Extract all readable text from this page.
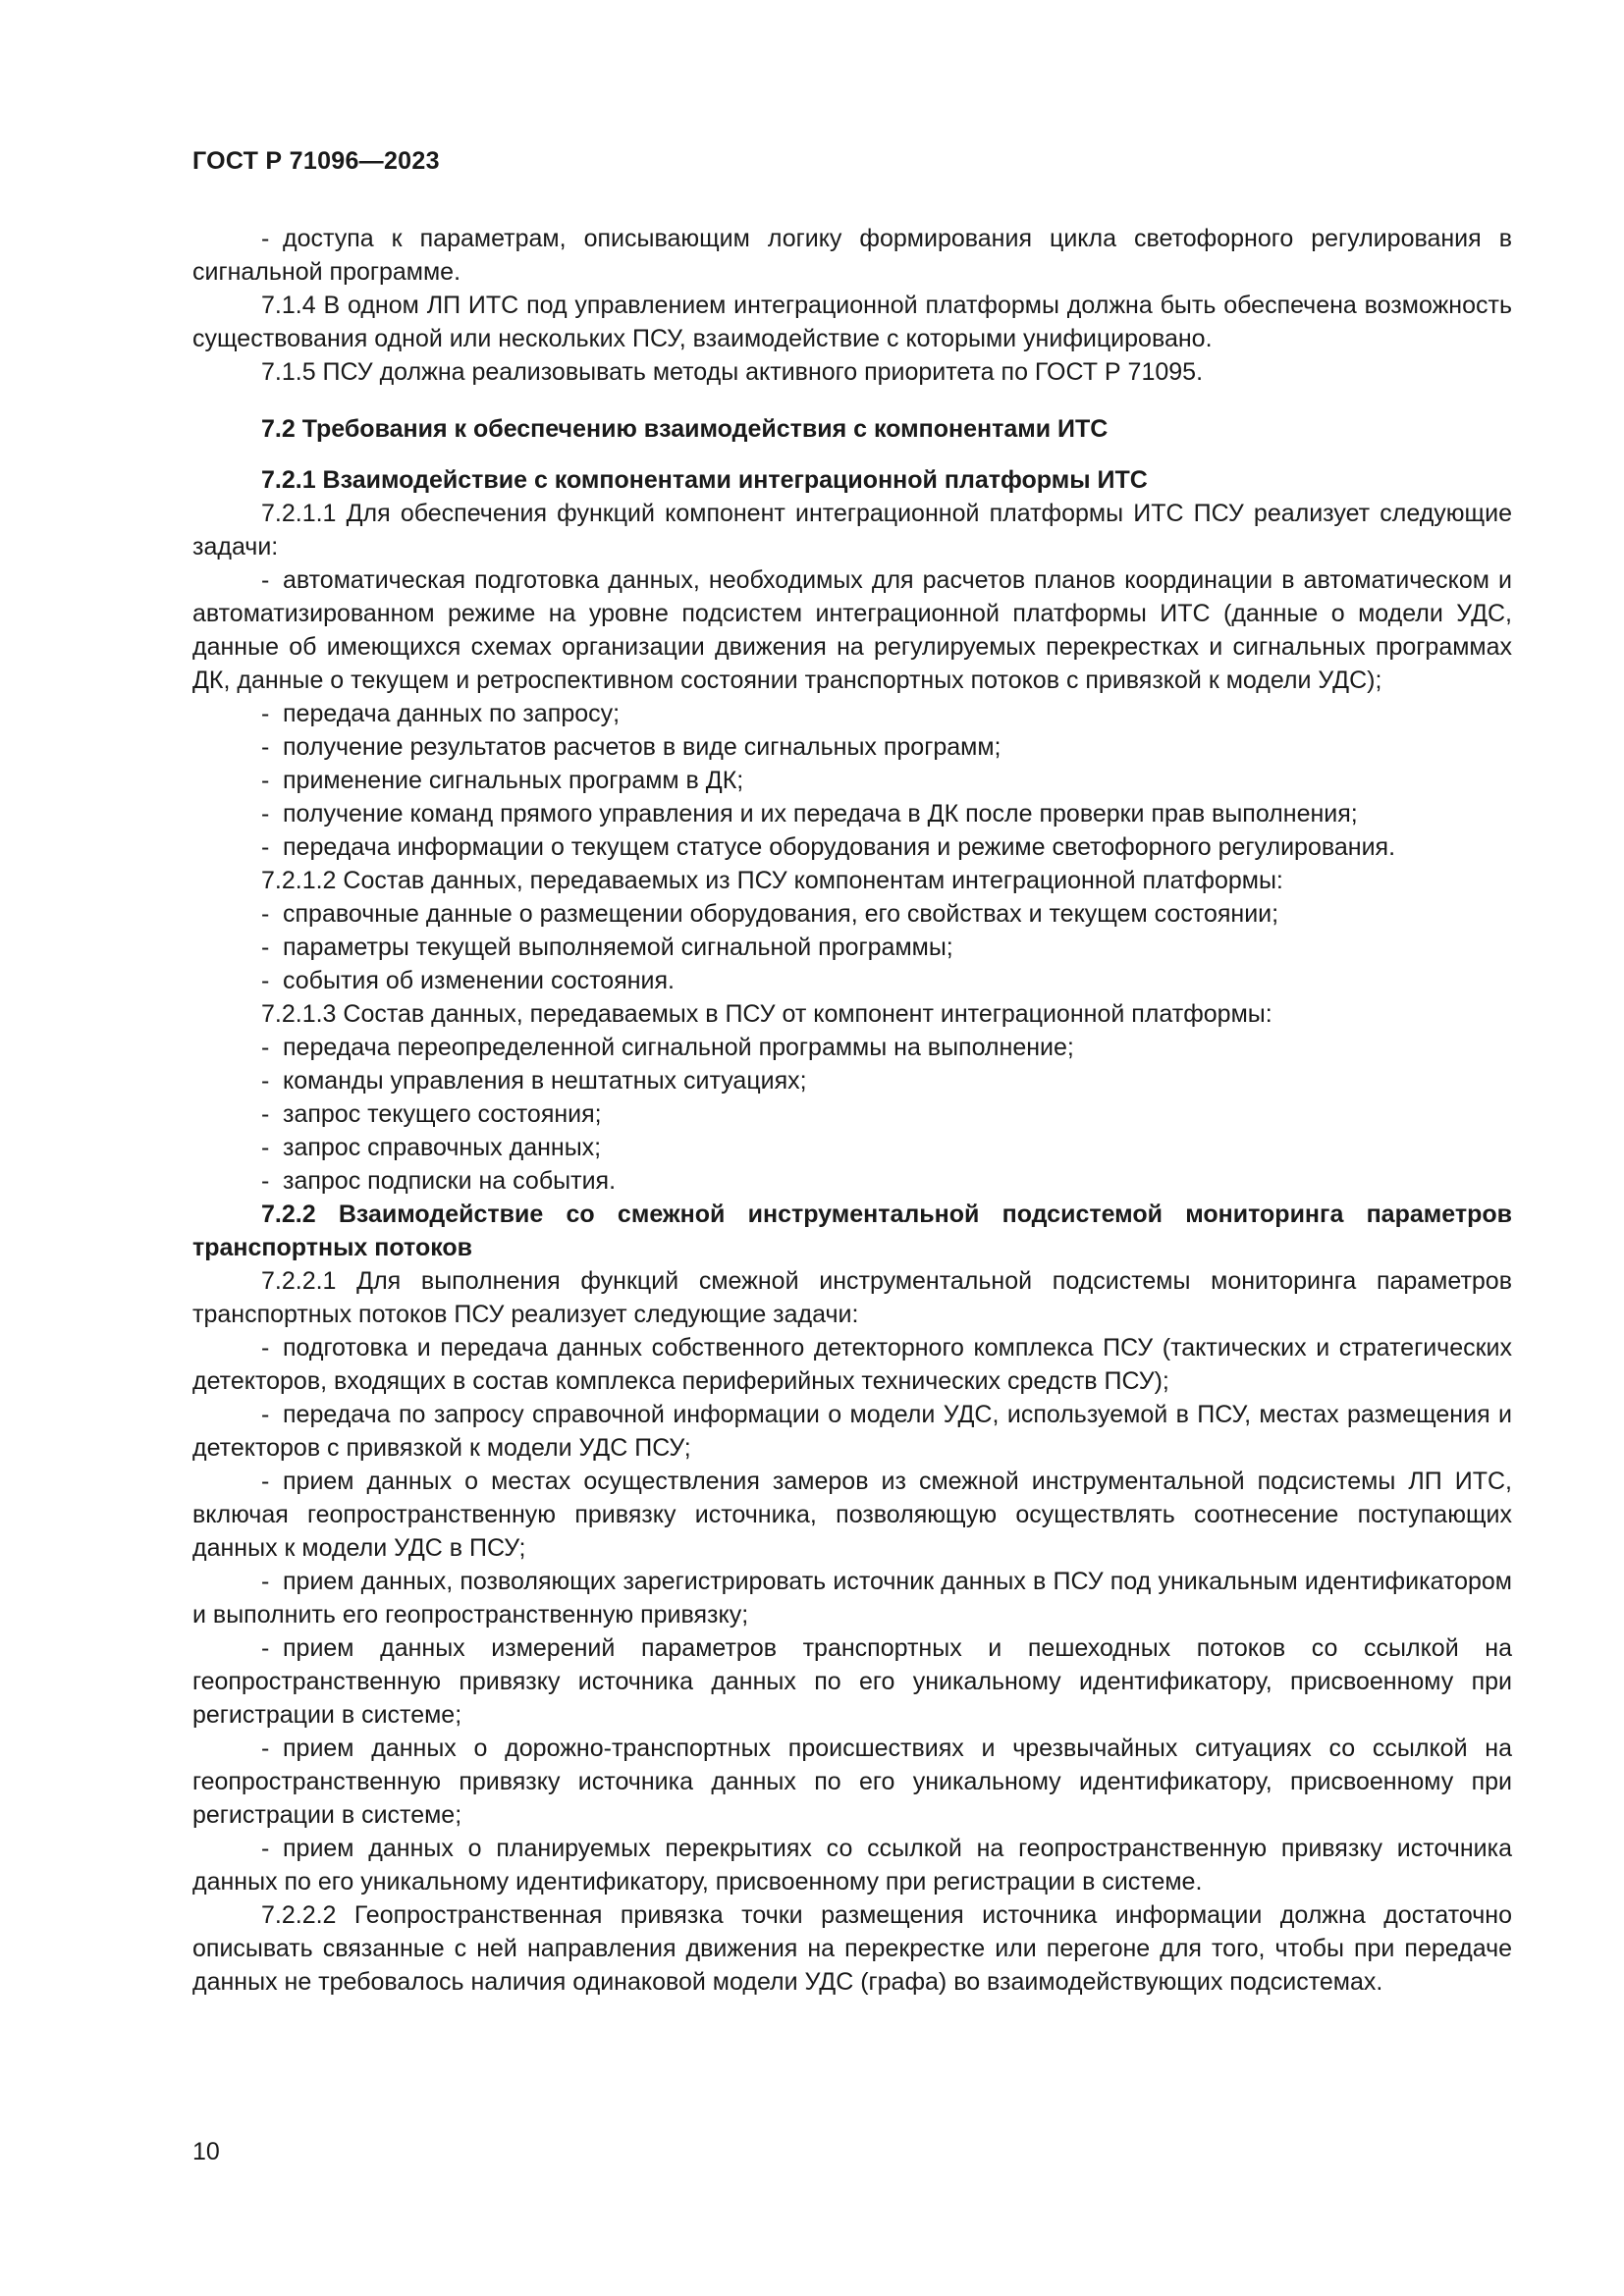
ГОСТ Р 71096—2023

- доступа к параметрам, описывающим логику формирования цикла светофорного регулирования в сигнальной программе.

7.1.4 В одном ЛП ИТС под управлением интеграционной платформы должна быть обеспечена возможность существования одной или нескольких ПСУ, взаимодействие с которыми унифицировано.

7.1.5 ПСУ должна реализовывать методы активного приоритета по ГОСТ Р 71095.

7.2 Требования к обеспечению взаимодействия с компонентами ИТС

7.2.1 Взаимодействие с компонентами интеграционной платформы ИТС

7.2.1.1 Для обеспечения функций компонент интеграционной платформы ИТС ПСУ реализует следующие задачи:

- автоматическая подготовка данных, необходимых для расчетов планов координации в автоматическом и автоматизированном режиме на уровне подсистем интеграционной платформы ИТС (данные о модели УДС, данные об имеющихся схемах организации движения на регулируемых перекрестках и сигнальных программах ДК, данные о текущем и ретроспективном состоянии транспортных потоков с привязкой к модели УДС);

- передача данных по запросу;

- получение результатов расчетов в виде сигнальных программ;

- применение сигнальных программ в ДК;

- получение команд прямого управления и их передача в ДК после проверки прав выполнения;

- передача информации о текущем статусе оборудования и режиме светофорного регулирования.

7.2.1.2 Состав данных, передаваемых из ПСУ компонентам интеграционной платформы:

- справочные данные о размещении оборудования, его свойствах и текущем состоянии;

- параметры текущей выполняемой сигнальной программы;

- события об изменении состояния.

7.2.1.3 Состав данных, передаваемых в ПСУ от компонент интеграционной платформы:

- передача переопределенной сигнальной программы на выполнение;

- команды управления в нештатных ситуациях;

- запрос текущего состояния;

- запрос справочных данных;

- запрос подписки на события.

7.2.2 Взаимодействие со смежной инструментальной подсистемой мониторинга параметров транспортных потоков

7.2.2.1 Для выполнения функций смежной инструментальной подсистемы мониторинга параметров транспортных потоков ПСУ реализует следующие задачи:

- подготовка и передача данных собственного детекторного комплекса ПСУ (тактических и стратегических детекторов, входящих в состав комплекса периферийных технических средств ПСУ);

- передача по запросу справочной информации о модели УДС, используемой в ПСУ, местах размещения и детекторов с привязкой к модели УДС ПСУ;

- прием данных о местах осуществления замеров из смежной инструментальной подсистемы ЛП ИТС, включая геопространственную привязку источника, позволяющую осуществлять соотнесение поступающих данных к модели УДС в ПСУ;

- прием данных, позволяющих зарегистрировать источник данных в ПСУ под уникальным идентификатором и выполнить его геопространственную привязку;

- прием данных измерений параметров транспортных и пешеходных потоков со ссылкой на геопространственную привязку источника данных по его уникальному идентификатору, присвоенному при регистрации в системе;

- прием данных о дорожно-транспортных происшествиях и чрезвычайных ситуациях со ссылкой на геопространственную привязку источника данных по его уникальному идентификатору, присвоенному при регистрации в системе;

- прием данных о планируемых перекрытиях со ссылкой на геопространственную привязку источника данных по его уникальному идентификатору, присвоенному при регистрации в системе.

7.2.2.2 Геопространственная привязка точки размещения источника информации должна достаточно описывать связанные с ней направления движения на перекрестке или перегоне для того, чтобы при передаче данных не требовалось наличия одинаковой модели УДС (графа) во взаимодействующих подсистемах.

10
